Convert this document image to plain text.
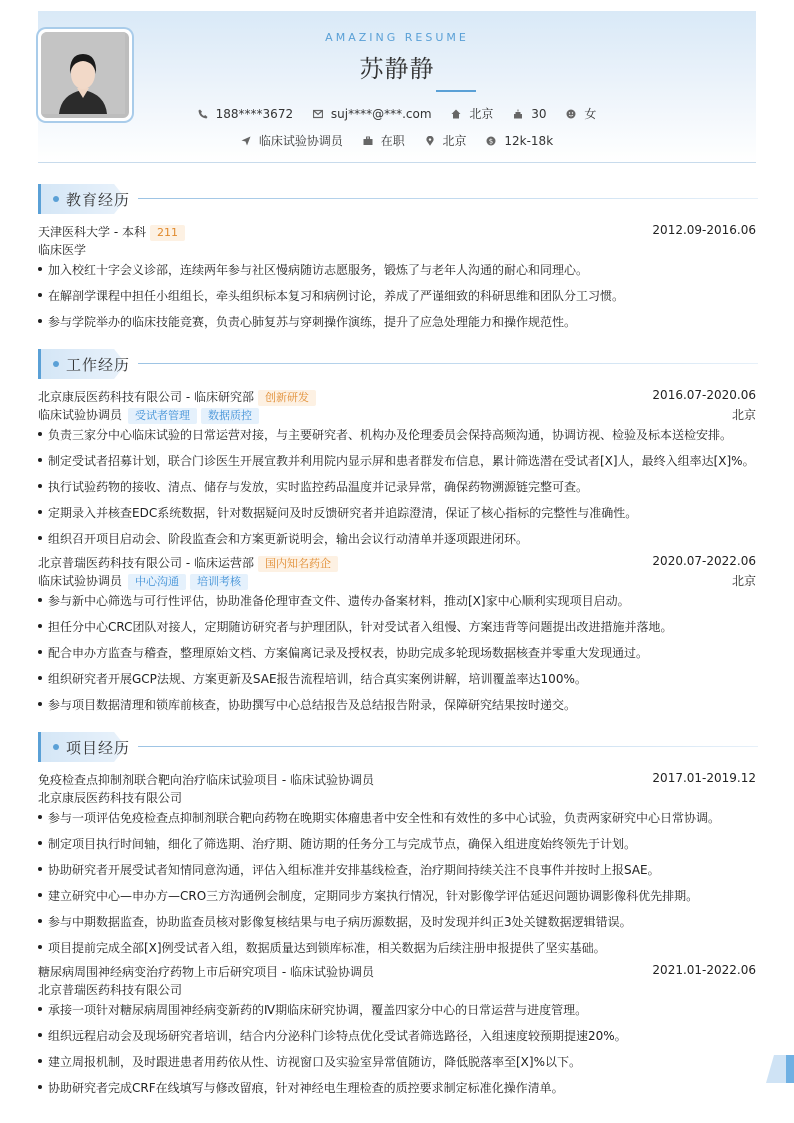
AMAZING RESUME
苏静静
188****3672	suj****@***.com	北京	30	女
临床试验协调员	在职	北京	$ 12k-18k
教育经历
天津医科大学 - 本科 211	2012.09-2016.06
临床医学
加入校红十字会义诊部，连续两年参与社区慢病随访志愿服务，锻炼了与老年人沟通的耐心和同理心。
在解剖学课程中担任小组组长，牵头组织标本复习和病例讨论，养成了严谨细致的科研思维和团队分工习惯。
参与学院举办的临床技能竞赛，负责心肺复苏与穿刺操作演练，提升了应急处理能力和操作规范性。
工作经历
北京康辰医药科技有限公司 - 临床研究部 创新研发	2016.07-2020.06
临床试验协调员 受试者管理 数据质控	北京
负责三家分中心临床试验的日常运营对接，与主要研究者、机构办及伦理委员会保持高频沟通，协调访视、检验及标本送检安排。
制定受试者招募计划，联合门诊医生开展宣教并利用院内显示屏和患者群发布信息，累计筛选潜在受试者[X]人，最终入组率达[X]%。
执行试验药物的接收、清点、储存与发放，实时监控药品温度并记录异常，确保药物溯源链完整可查。
定期录入并核查EDC系统数据，针对数据疑问及时反馈研究者并追踪澄清，保证了核心指标的完整性与准确性。
组织召开项目启动会、阶段监查会和方案更新说明会，输出会议行动清单并逐项跟进闭环。
北京普瑞医药科技有限公司 - 临床运营部 国内知名药企	2020.07-2022.06
临床试验协调员 中心沟通 培训考核	北京
参与新中心筛选与可行性评估，协助准备伦理审查文件、遗传办备案材料，推动[X]家中心顺利实现项目启动。
担任分中心CRC团队对接人，定期随访研究者与护理团队，针对受试者入组慢、方案违背等问题提出改进措施并落地。
配合申办方监查与稽查，整理原始文档、方案偏离记录及授权表，协助完成多轮现场数据核查并零重大发现通过。
组织研究者开展GCP法规、方案更新及SAE报告流程培训，结合真实案例讲解，培训覆盖率达100%。
参与项目数据清理和锁库前核查，协助撰写中心总结报告及总结报告附录，保障研究结果按时递交。
项目经历
免疫检查点抑制剂联合靶向治疗临床试验项目 - 临床试验协调员	2017.01-2019.12
北京康辰医药科技有限公司
参与一项评估免疫检查点抑制剂联合靶向药物在晚期实体瘤患者中安全性和有效性的多中心试验，负责两家研究中心日常协调。
制定项目执行时间轴，细化了筛选期、治疗期、随访期的任务分工与完成节点，确保入组进度始终领先于计划。
协助研究者开展受试者知情同意沟通，评估入组标准并安排基线检查，治疗期间持续关注不良事件并按时上报SAE。
建立研究中心—申办方—CRO三方沟通例会制度，定期同步方案执行情况，针对影像学评估延迟问题协调影像科优先排期。
参与中期数据监查，协助监查员核对影像复核结果与电子病历源数据，及时发现并纠正3处关键数据逻辑错误。
项目提前完成全部[X]例受试者入组，数据质量达到锁库标准，相关数据为后续注册申报提供了坚实基础。
糖尿病周围神经病变治疗药物上市后研究项目 - 临床试验协调员	2021.01-2022.06
北京普瑞医药科技有限公司
承接一项针对糖尿病周围神经病变新药的Ⅳ期临床研究协调，覆盖四家分中心的日常运营与进度管理。
组织远程启动会及现场研究者培训，结合内分泌科门诊特点优化受试者筛选路径，入组速度较预期提速20%。
建立周报机制，及时跟进患者用药依从性、访视窗口及实验室异常值随访，降低脱落率至[X]%以下。
协助研究者完成CRF在线填写与修改留痕，针对神经电生理检查的质控要求制定标准化操作清单。
